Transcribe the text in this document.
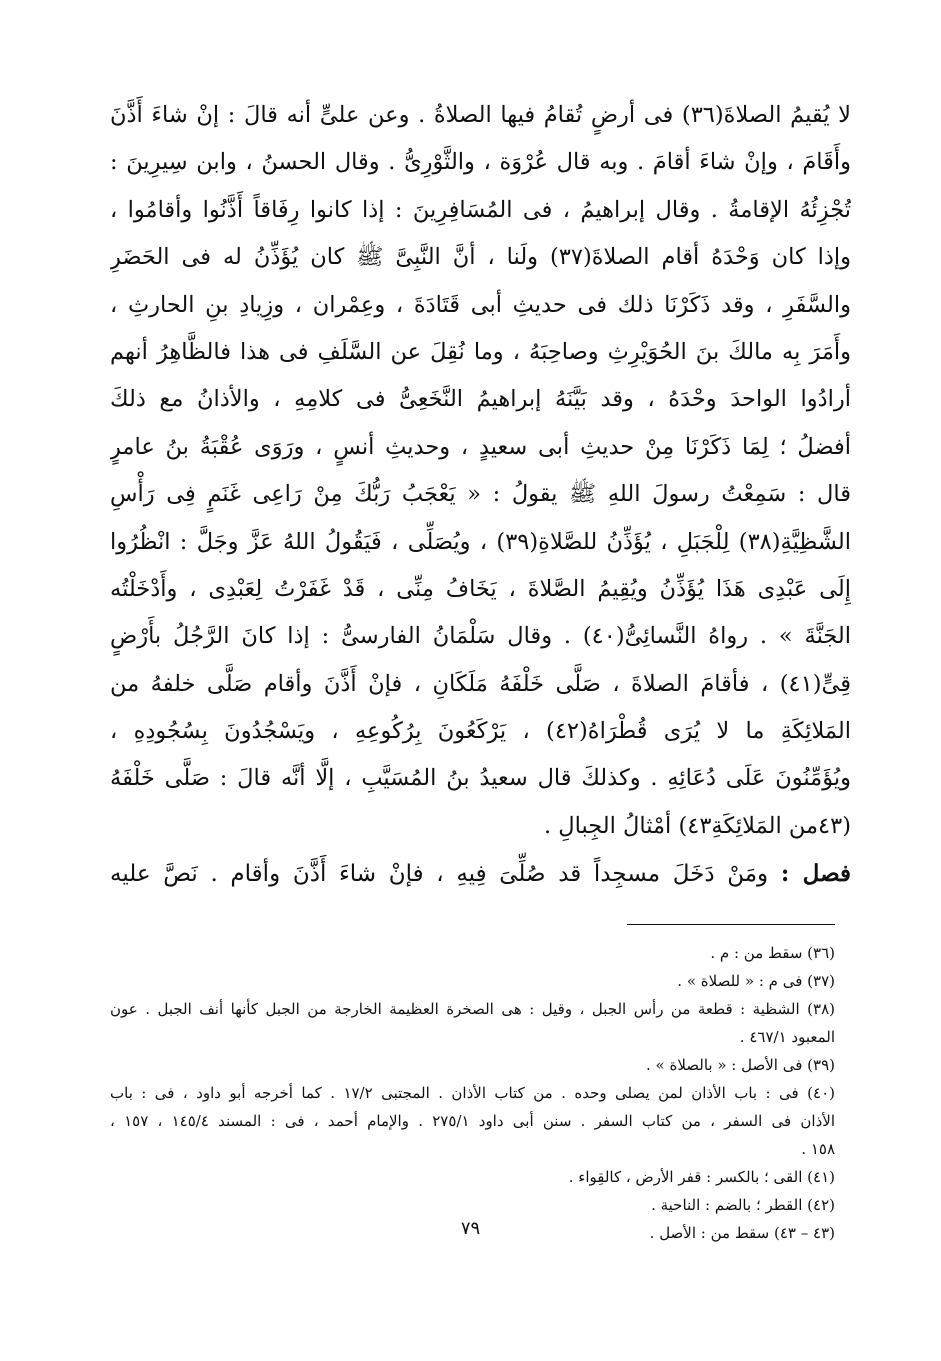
لا يُقيمُ الصلاةَ(٣٦) فى أرضٍ تُقامُ فيها الصلاةُ . وعن علىٍّ أنه قالَ : إنْ شاءَ أَذَّنَ
وأَقَامَ ، وإنْ شاءَ أقامَ . وبه قال عُرْوَة ، والثَّوْرِىُّ . وقال الحسنُ ، وابن سِيرِينَ :
تُجْزِئُهُ الإقامةُ . وقال إبراهيمُ ، فى المُسَافِرِينَ : إذا كانوا رِفَاقاً أَذَّنُوا وأقامُوا ،
وإذا كان وَحْدَهُ أقام الصلاةَ(٣٧) ولَنا ، أنَّ النَّبِىَّ ﷺ كان يُؤَذِّنُ له فى الحَضَرِ
والسَّفَرِ ، وقد ذَكَرْنَا ذلك فى حديثِ أبى قَتَادَةَ ، وعِمْران ، وزِيادِ بنِ الحارثِ ،
وأَمَرَ بِه مالكَ بنَ الحُوَيْرِثِ وصاحِبَهُ ، وما نُقِلَ عن السَّلَفِ فى هذا فالظَّاهِرُ أنهم
أرادُوا الواحدَ وحْدَهُ ، وقد بَيَّنَهُ إبراهيمُ النَّخَعِىُّ فى كلامِهِ ، والأذانُ مع ذلكَ
أفضلُ ؛ لِمَا ذَكَرْنَا مِنْ حديثِ أبى سعيدٍ ، وحديثِ أنسٍ ، ورَوَى عُقْبَةُ بنُ عامرٍ
قال : سَمِعْتُ رسولَ اللهِ ﷺ يقولُ : « يَعْجَبُ رَبُّكَ مِنْ رَاعِى غَنَمٍ فِى رَأْسِ
الشَّظِيَّةِ(٣٨) لِلْجَبَلِ ، يُؤَذِّنُ للصَّلاةِ(٣٩) ، ويُصَلِّى ، فَيَقُولُ اللهُ عَزَّ وجَلَّ : انْظُرُوا
إِلَى عَبْدِى هَذَا يُؤَذِّنُ ويُقِيمُ الصَّلاةَ ، يَخَافُ مِنِّى ، قَدْ غَفَرْتُ لِعَبْدِى ، وأَدْخَلْتُه
الجَنَّةَ » . رواهُ النَّسائِىُّ(٤٠) . وقال سَلْمَانُ الفارسىُّ : إذا كانَ الرَّجُلُ بأَرْضٍ
قِىٍّ(٤١) ، فأقامَ الصلاةَ ، صَلَّى خَلْفَهُ مَلَكَانِ ، فإنْ أَذَّنَ وأقام صَلَّى خلفهُ من
المَلائِكَةِ ما لا يُرَى قُطْرَاهُ(٤٢) ، يَرْكَعُونَ بِرُكُوعِهِ ، ويَسْجُدُونَ بِسُجُودِهِ ،
ويُؤَمِّنُونَ عَلَى دُعَائِهِ . وكذلكَ قال سعيدُ بنُ المُسَيَّبِ ، إلَّا أنَّه قالَ : صَلَّى خَلْفَهُ
(٤٣من المَلائِكَةِ٤٣) أمْثالُ الجِبالِ .
فصل : ومَنْ دَخَلَ مسجِداً قد صُلِّىَ فِيهِ ، فإنْ شاءَ أَذَّنَ وأقام . نَصَّ عليه
(٣٦) سقط من : م .
(٣٧) فى م : « للصلاة » .
(٣٨) الشظية : قطعة من رأس الجبل ، وقيل : هى الصخرة العظيمة الخارجة من الجبل كأنها أنف الجبل . عون
المعبود ٤٦٧/١ .
(٣٩) فى الأصل : « بالصلاة » .
(٤٠) فى : باب الأذان لمن يصلى وحده . من كتاب الأذان . المجتبى ١٧/٢ . كما أخرجه أبو داود ، فى : باب
الأذان فى السفر ، من كتاب السفر . سنن أبى داود ٢٧٥/١ . والإمام أحمد ، فى : المسند ١٤٥/٤ ، ١٥٧ ،
١٥٨ .
(٤١) القى ؛ بالكسر : قفر الأرض ، كالقِواء .
(٤٢) القطر ؛ بالضم : الناحية .
(٤٣ – ٤٣) سقط من : الأصل .
٧٩
